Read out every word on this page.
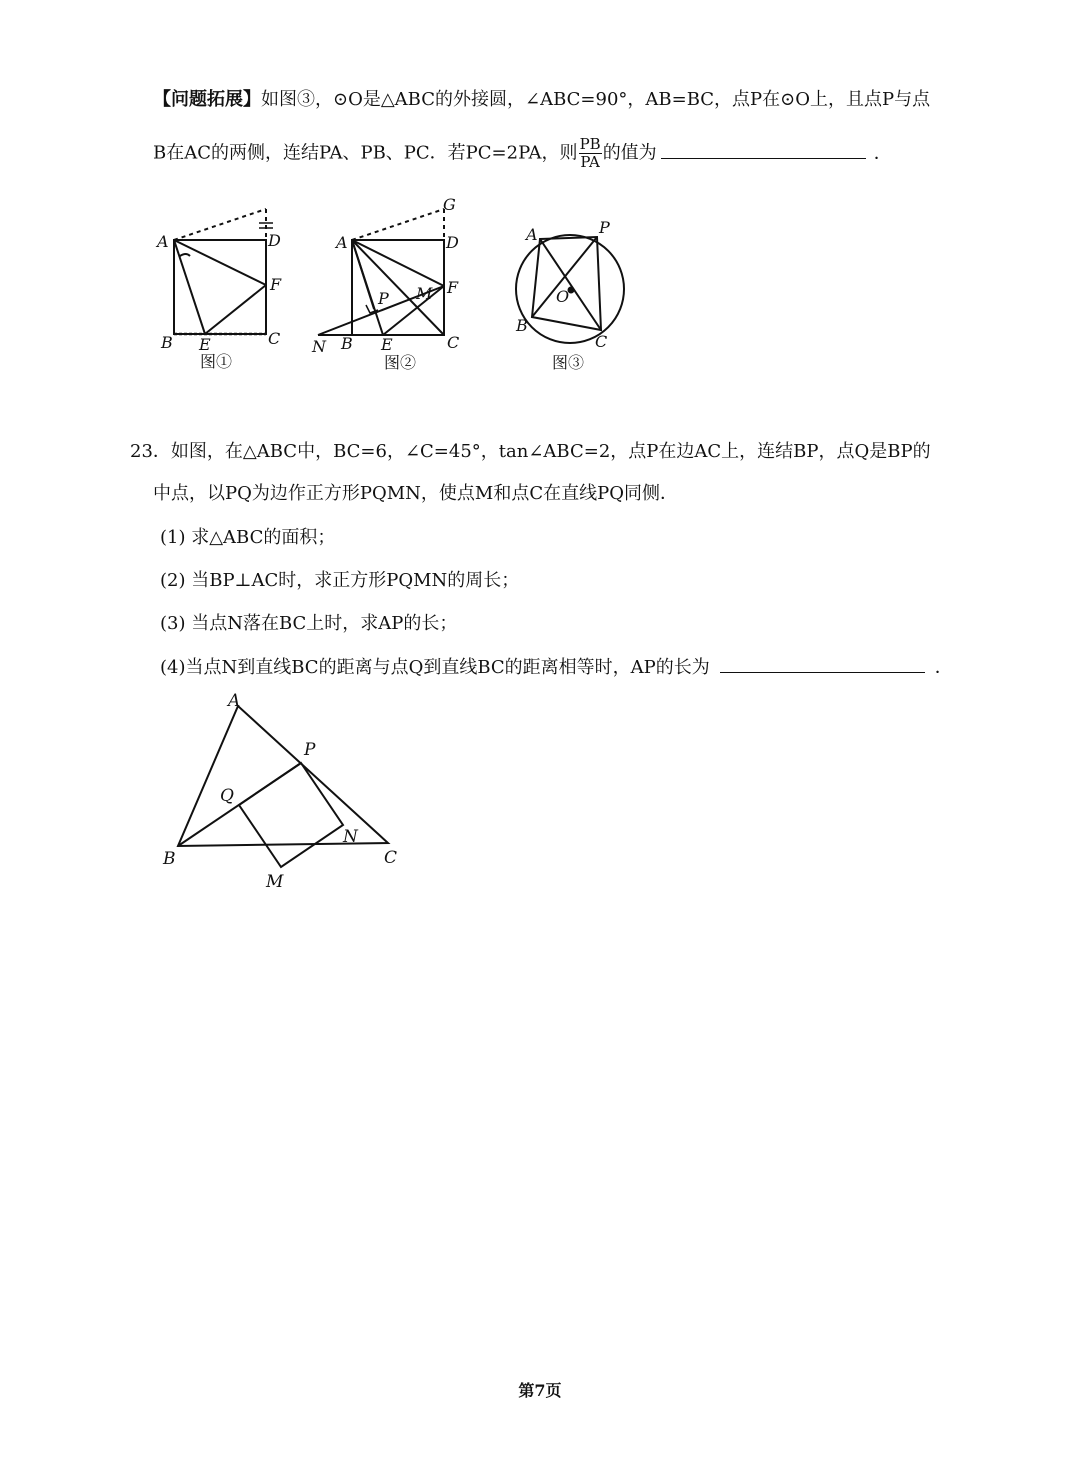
【问题拓展】如图③，⊙O是△ABC的外接圆，∠ABC=90°，AB=BC，点P在⊙O上，且点P与点
B在AC的两侧，连结PA、PB、PC．若PC=2PA，则 $\frac{PB}{PA}$ 的值为	．
23．如图，在△ABC中，BC=6，∠C=45°，tan∠ABC=2，点P在边AC上，连结BP，点Q是BP的
中点，以PQ为边作正方形PQMN，使点M和点C在直线PQ同侧．
(1) 求△ABC的面积；
(2) 当BP⊥AC时，求正方形PQMN的周长；
(3) 当点N落在BC上时，求AP的长；
(4)当点N到直线BC的距离与点Q到直线BC的距离相等时，AP的长为	．
A
B	C
D
E
F
图①
A
G
D
F
C
N B E
P M
图②
A	P
O
B
C
图③
A
P
Q
N
B	C
M
第7页
